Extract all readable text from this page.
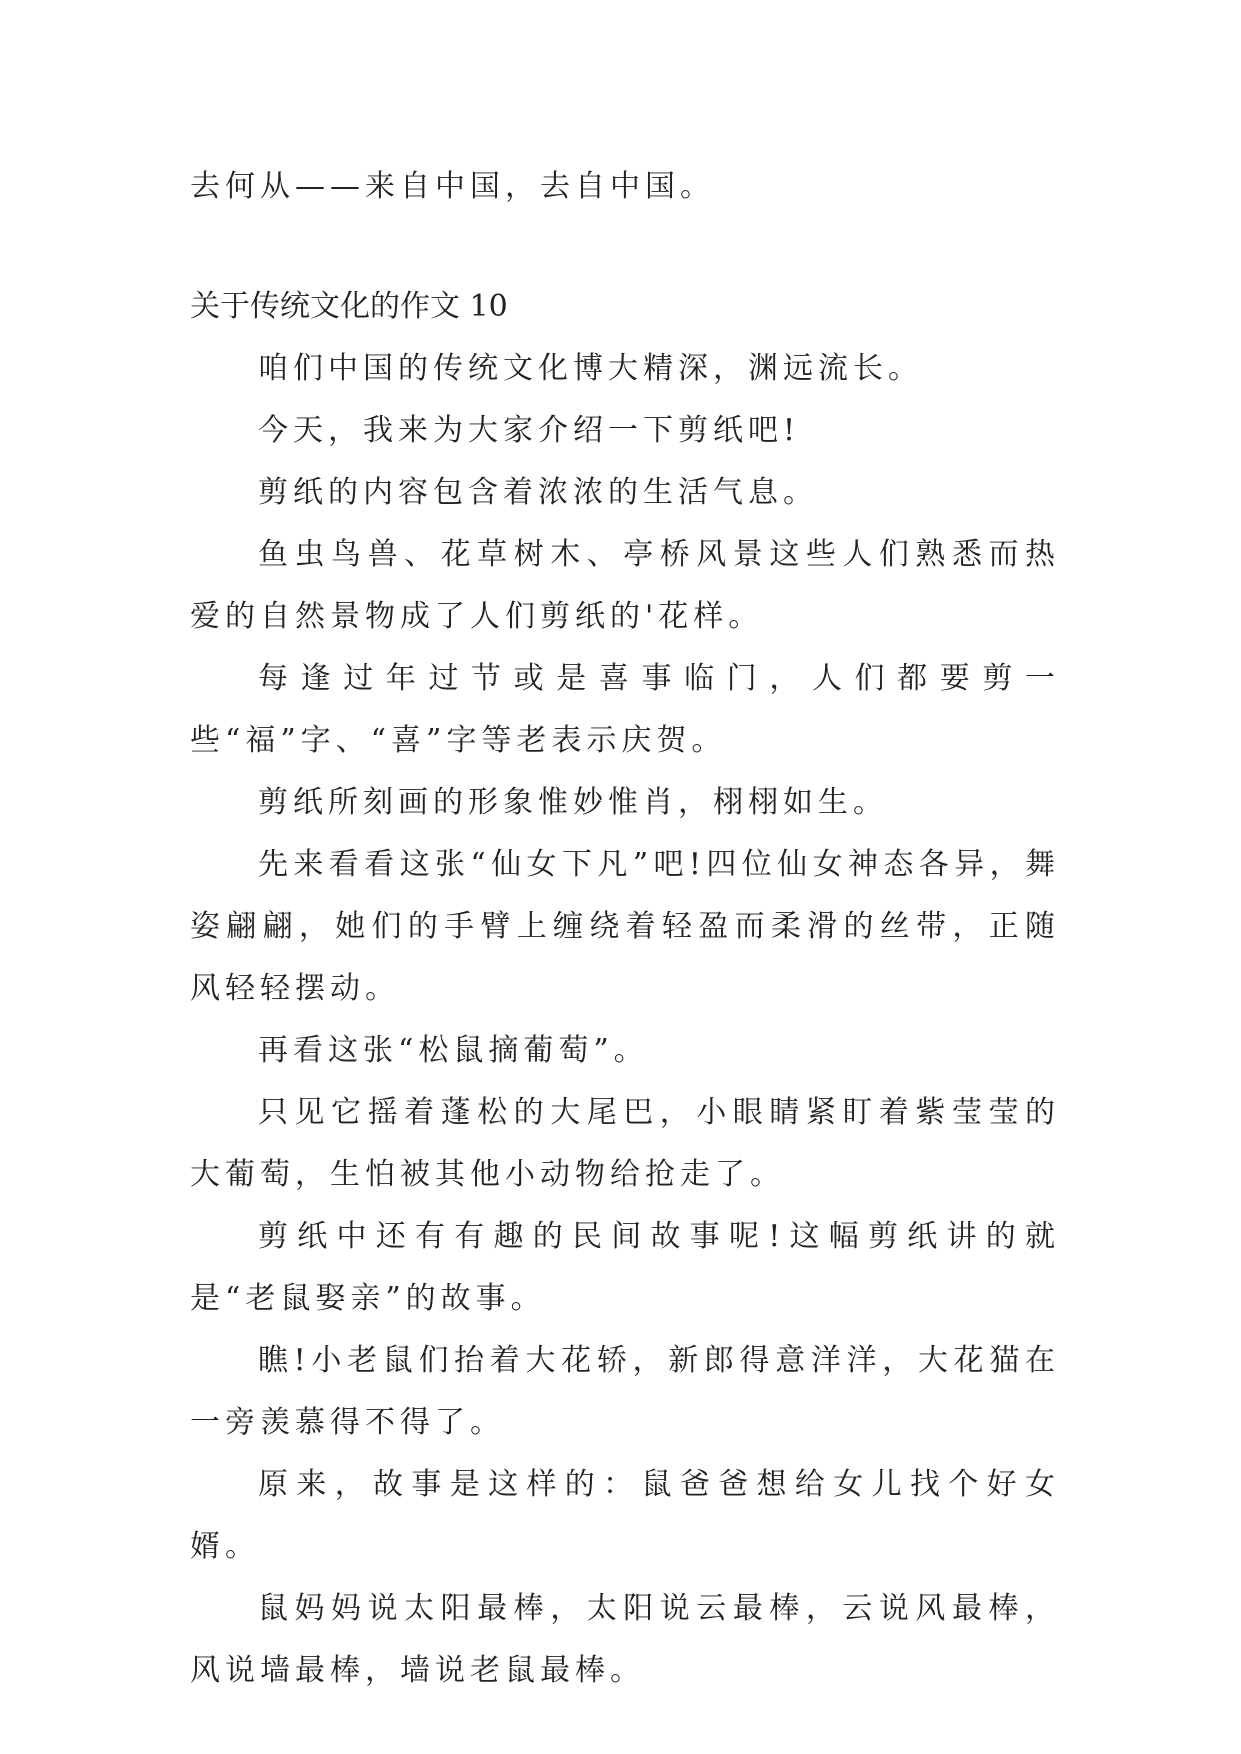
去何从——来自中国，去自中国。
关于传统文化的作文 10

咱们中国的传统文化博大精深，渊远流长。

今天，我来为大家介绍一下剪纸吧!

剪纸的内容包含着浓浓的生活气息。

鱼虫鸟兽、花草树木、亭桥风景这些人们熟悉而热爱的自然景物成了人们剪纸的'花样。

每逢过年过节或是喜事临门，人们都要剪一些“福”字、“喜”字等老表示庆贺。

剪纸所刻画的形象惟妙惟肖，栩栩如生。

先来看看这张“仙女下凡”吧!四位仙女神态各异，舞姿翩翩，她们的手臂上缠绕着轻盈而柔滑的丝带，正随风轻轻摆动。

再看这张“松鼠摘葡萄”。

只见它摇着蓬松的大尾巴，小眼睛紧盯着紫莹莹的大葡萄，生怕被其他小动物给抢走了。

剪纸中还有有趣的民间故事呢!这幅剪纸讲的就是“老鼠娶亲”的故事。

瞧!小老鼠们抬着大花轿，新郎得意洋洋，大花猫在一旁羡慕得不得了。

原来，故事是这样的：鼠爸爸想给女儿找个好女婿。

鼠妈妈说太阳最棒，太阳说云最棒，云说风最棒，风说墙最棒，墙说老鼠最棒。
